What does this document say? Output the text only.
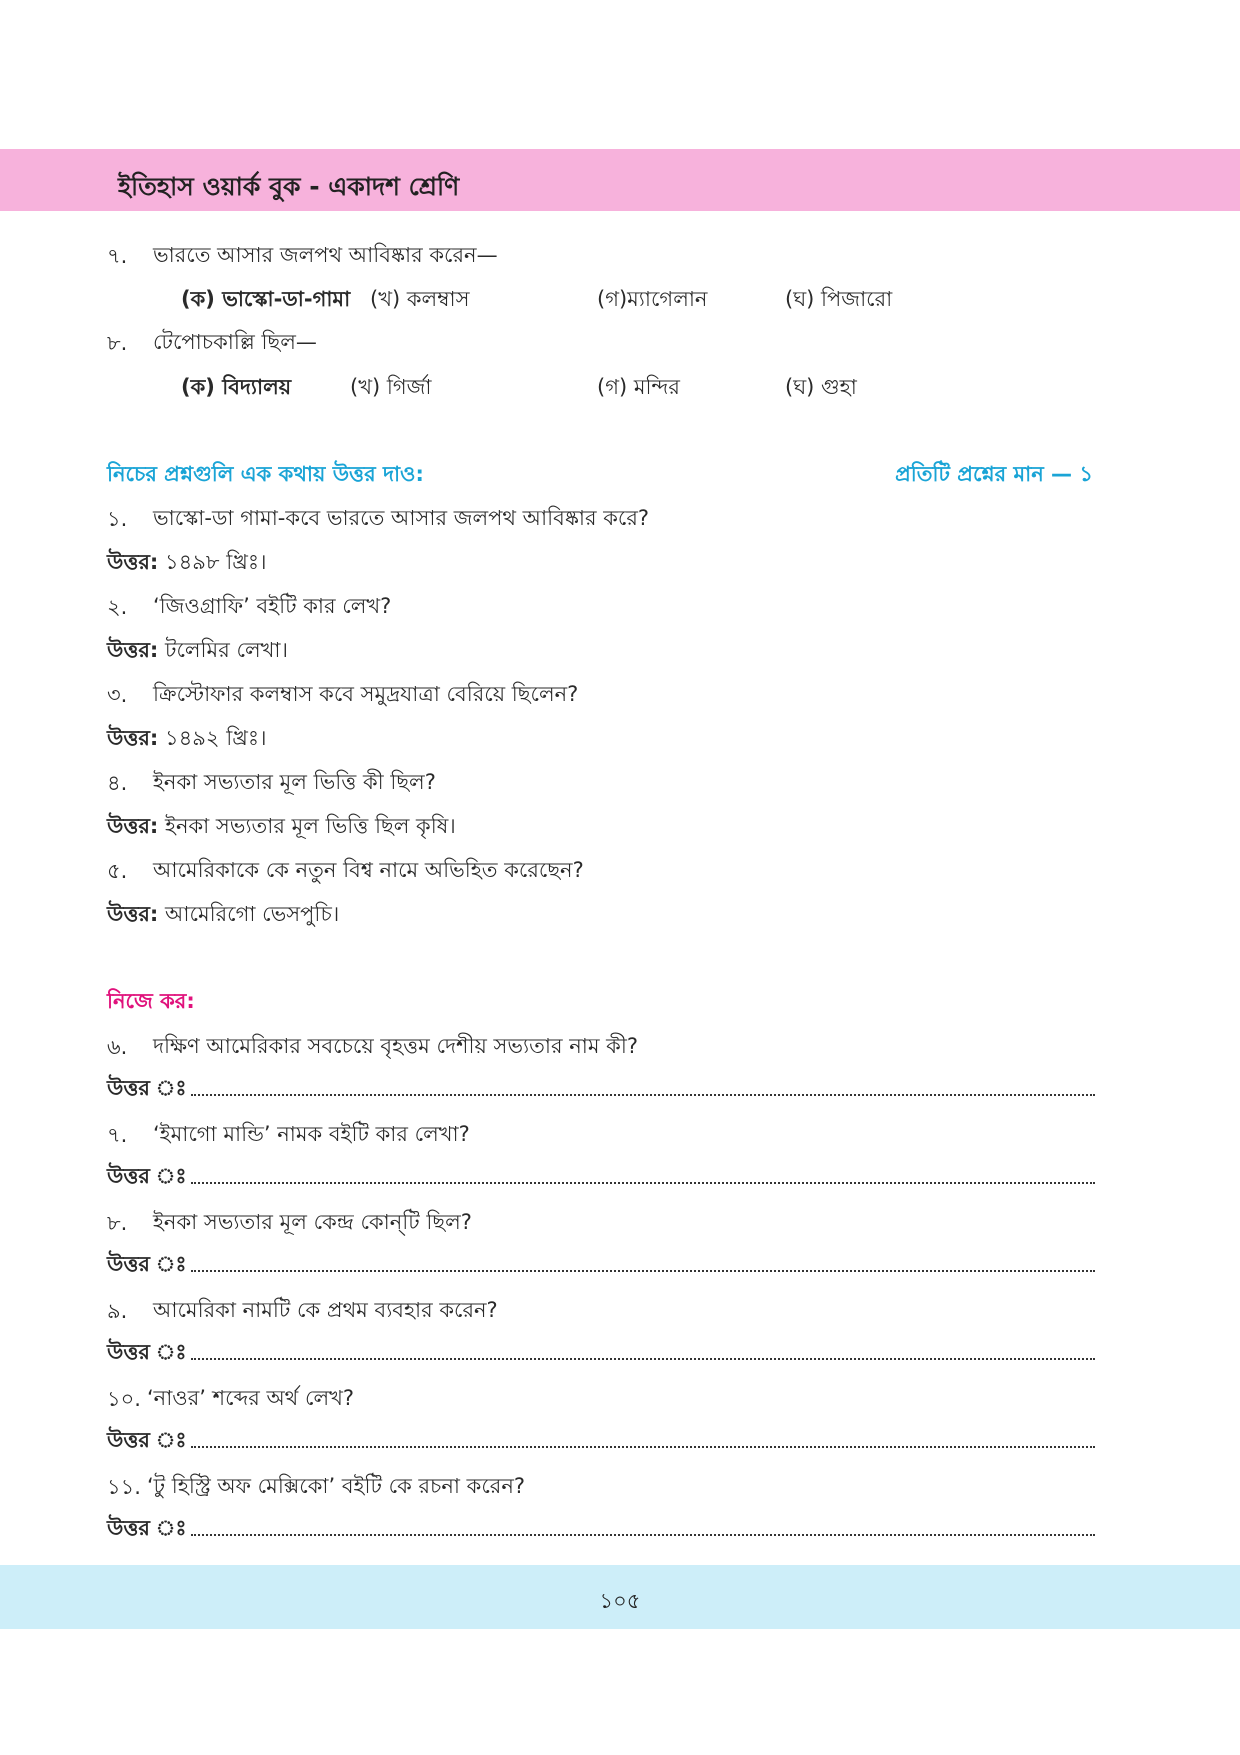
ইতিহাস ওয়ার্ক বুক - একাদশ শ্রেণি
৭. ভারতে আসার জলপথ আবিষ্কার করেন—
(ক) ভাস্কো-ডা-গামা (খ) কলম্বাস	(গ)ম্যাগেলান	(ঘ) পিজারো
৮. টেপোচকাল্লি ছিল—
(ক) বিদ্যালয়	(খ) গির্জা	(গ) মন্দির	(ঘ) গুহা
নিচের প্রশ্নগুলি এক কথায় উত্তর দাও:	প্রতিটি প্রশ্নের মান — ১
১. ভাস্কো-ডা গামা-কবে ভারতে আসার জলপথ আবিষ্কার করে?
উত্তর: ১৪৯৮ খ্রিঃ।
২. ‘জিওগ্রাফি’ বইটি কার লেখ?
উত্তর: টলেমির লেখা।
৩. ক্রিস্টোফার কলম্বাস কবে সমুদ্রযাত্রা বেরিয়ে ছিলেন?
উত্তর: ১৪৯২ খ্রিঃ।
৪. ইনকা সভ্যতার মূল ভিত্তি কী ছিল?
উত্তর: ইনকা সভ্যতার মূল ভিত্তি ছিল কৃষি।
৫. আমেরিকাকে কে নতুন বিশ্ব নামে অভিহিত করেছেন?
উত্তর: আমেরিগো ভেসপুচি।
নিজে কর:
৬. দক্ষিণ আমেরিকার সবচেয়ে বৃহত্তম দেশীয় সভ্যতার নাম কী?
উত্তর ঃ
৭. ‘ইমাগো মান্ডি’ নামক বইটি কার লেখা?
উত্তর ঃ
৮. ইনকা সভ্যতার মূল কেন্দ্র কোন্‌টি ছিল?
উত্তর ঃ
৯. আমেরিকা নামটি কে প্রথম ব্যবহার করেন?
উত্তর ঃ
১০. ‘নাওর’ শব্দের অর্থ লেখ?
উত্তর ঃ
১১. ‘টু হিস্ট্রি অফ মেক্সিকো’ বইটি কে রচনা করেন?
উত্তর ঃ
১০৫
